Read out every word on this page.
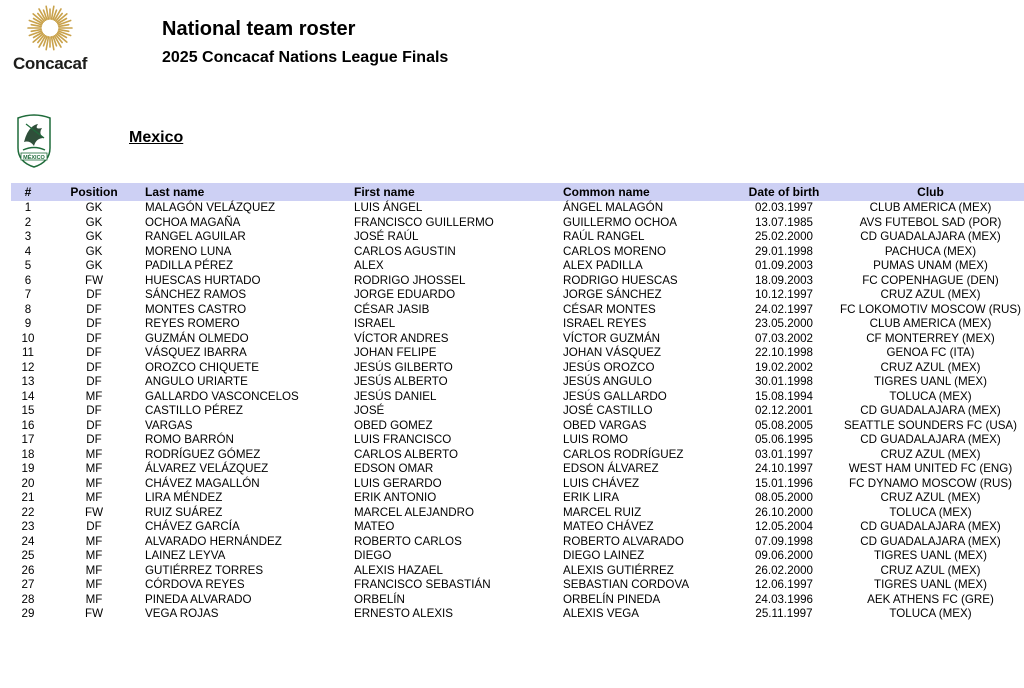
Concacaf
National team roster
2025 Concacaf Nations League Finals
MÉXICO
Mexico
#	Position	Last name	First name	Common name	Date of birth	Club
1	GK	MALAGÓN VELÁZQUEZ	LUIS ÁNGEL	ÁNGEL MALAGÓN	02.03.1997	CLUB AMERICA (MEX)
2	GK	OCHOA MAGAÑA	FRANCISCO GUILLERMO	GUILLERMO OCHOA	13.07.1985	AVS FUTEBOL SAD (POR)
3	GK	RANGEL AGUILAR	JOSÉ RAÚL	RAÚL RANGEL	25.02.2000	CD GUADALAJARA (MEX)
4	GK	MORENO LUNA	CARLOS AGUSTIN	CARLOS MORENO	29.01.1998	PACHUCA (MEX)
5	GK	PADILLA PÉREZ	ALEX	ALEX PADILLA	01.09.2003	PUMAS UNAM (MEX)
6	FW	HUESCAS HURTADO	RODRIGO JHOSSEL	RODRIGO HUESCAS	18.09.2003	FC COPENHAGUE (DEN)
7	DF	SÁNCHEZ RAMOS	JORGE EDUARDO	JORGE SÁNCHEZ	10.12.1997	CRUZ AZUL (MEX)
8	DF	MONTES CASTRO	CÉSAR JASIB	CÉSAR MONTES	24.02.1997	FC LOKOMOTIV MOSCOW (RUS)
9	DF	REYES ROMERO	ISRAEL	ISRAEL REYES	23.05.2000	CLUB AMERICA (MEX)
10	DF	GUZMÁN OLMEDO	VÍCTOR ANDRES	VÍCTOR GUZMÁN	07.03.2002	CF MONTERREY (MEX)
11	DF	VÁSQUEZ IBARRA	JOHAN FELIPE	JOHAN VÁSQUEZ	22.10.1998	GENOA FC (ITA)
12	DF	OROZCO CHIQUETE	JESÚS GILBERTO	JESÚS OROZCO	19.02.2002	CRUZ AZUL (MEX)
13	DF	ANGULO URIARTE	JESÚS ALBERTO	JESÚS ANGULO	30.01.1998	TIGRES UANL (MEX)
14	MF	GALLARDO VASCONCELOS	JESÚS DANIEL	JESÚS GALLARDO	15.08.1994	TOLUCA (MEX)
15	DF	CASTILLO PÉREZ	JOSÉ	JOSÉ CASTILLO	02.12.2001	CD GUADALAJARA (MEX)
16	DF	VARGAS	OBED GOMEZ	OBED VARGAS	05.08.2005	SEATTLE SOUNDERS FC (USA)
17	DF	ROMO BARRÓN	LUIS FRANCISCO	LUIS ROMO	05.06.1995	CD GUADALAJARA (MEX)
18	MF	RODRÍGUEZ GÓMEZ	CARLOS ALBERTO	CARLOS RODRÍGUEZ	03.01.1997	CRUZ AZUL (MEX)
19	MF	ÁLVAREZ VELÁZQUEZ	EDSON OMAR	EDSON ÁLVAREZ	24.10.1997	WEST HAM UNITED FC (ENG)
20	MF	CHÁVEZ MAGALLÓN	LUIS GERARDO	LUIS CHÁVEZ	15.01.1996	FC DYNAMO MOSCOW (RUS)
21	MF	LIRA MÉNDEZ	ERIK ANTONIO	ERIK LIRA	08.05.2000	CRUZ AZUL (MEX)
22	FW	RUIZ SUÁREZ	MARCEL ALEJANDRO	MARCEL RUIZ	26.10.2000	TOLUCA (MEX)
23	DF	CHÁVEZ GARCÍA	MATEO	MATEO CHÁVEZ	12.05.2004	CD GUADALAJARA (MEX)
24	MF	ALVARADO HERNÁNDEZ	ROBERTO CARLOS	ROBERTO ALVARADO	07.09.1998	CD GUADALAJARA (MEX)
25	MF	LAINEZ LEYVA	DIEGO	DIEGO LAINEZ	09.06.2000	TIGRES UANL (MEX)
26	MF	GUTIÉRREZ TORRES	ALEXIS HAZAEL	ALEXIS GUTIÉRREZ	26.02.2000	CRUZ AZUL (MEX)
27	MF	CÓRDOVA REYES	FRANCISCO SEBASTIÁN	SEBASTIAN CORDOVA	12.06.1997	TIGRES UANL (MEX)
28	MF	PINEDA ALVARADO	ORBELÍN	ORBELÍN PINEDA	24.03.1996	AEK ATHENS FC (GRE)
29	FW	VEGA ROJAS	ERNESTO ALEXIS	ALEXIS VEGA	25.11.1997	TOLUCA (MEX)
